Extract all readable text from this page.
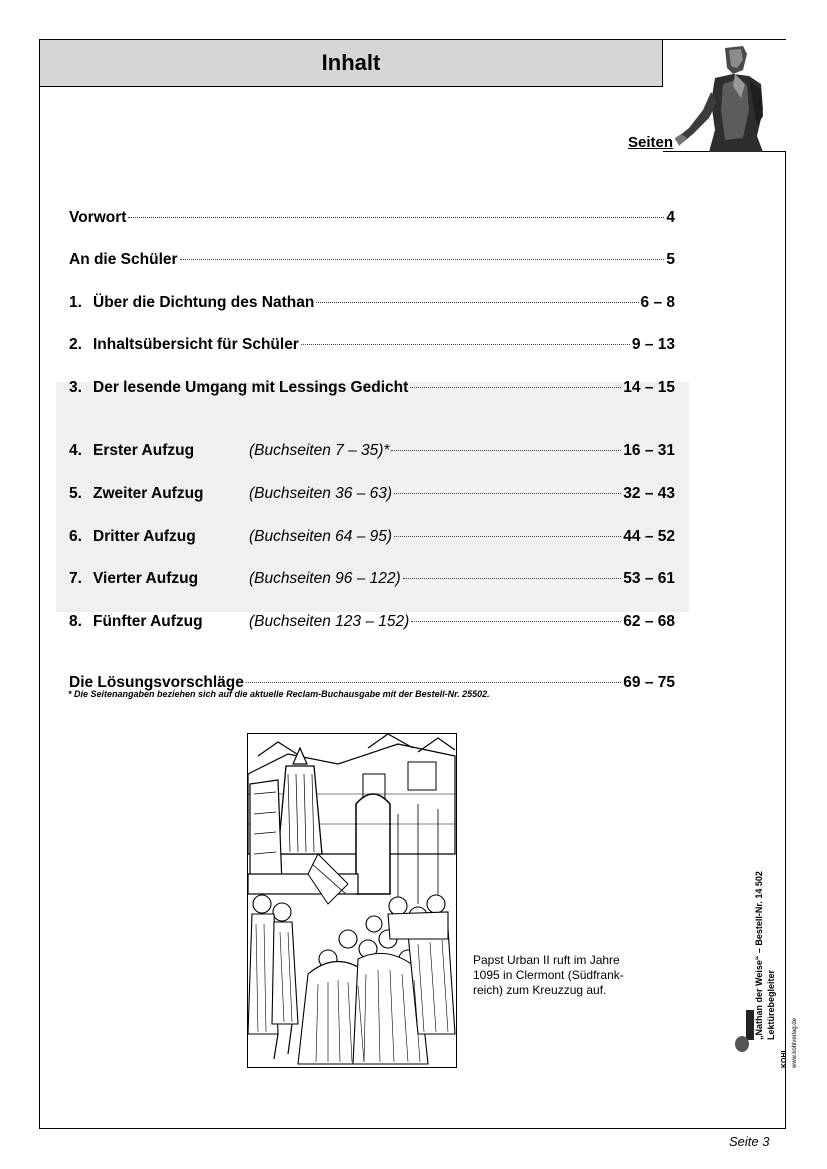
Inhalt
Seiten
Vorwort	4
An die Schüler	5
1. Über die Dichtung des Nathan	6 – 8
2. Inhaltsübersicht für Schüler	9 – 13
3. Der lesende Umgang mit Lessings Gedicht	14 – 15
4. Erster Aufzug	(Buchseiten 7 – 35)*	16 – 31
5. Zweiter Aufzug	(Buchseiten 36 – 63)	32 – 43
6. Dritter Aufzug	(Buchseiten 64 – 95)	44 – 52
7. Vierter Aufzug	(Buchseiten 96 – 122)	53 – 61
8. Fünfter Aufzug	(Buchseiten 123 – 152)	62 – 68
Die Lösungsvorschläge	69 – 75
* Die Seitenangaben beziehen sich auf die aktuelle Reclam-Buchausgabe mit der Bestell-Nr. 25502.
Papst Urban II ruft im Jahre 1095 in Clermont (Südfrank-reich) zum Kreuzzug auf.	„Nathan der Weise“ – Bestell-Nr. 14 502 Lektürebegleiter
KOHL www.kohlverlag.de
Seite 3
